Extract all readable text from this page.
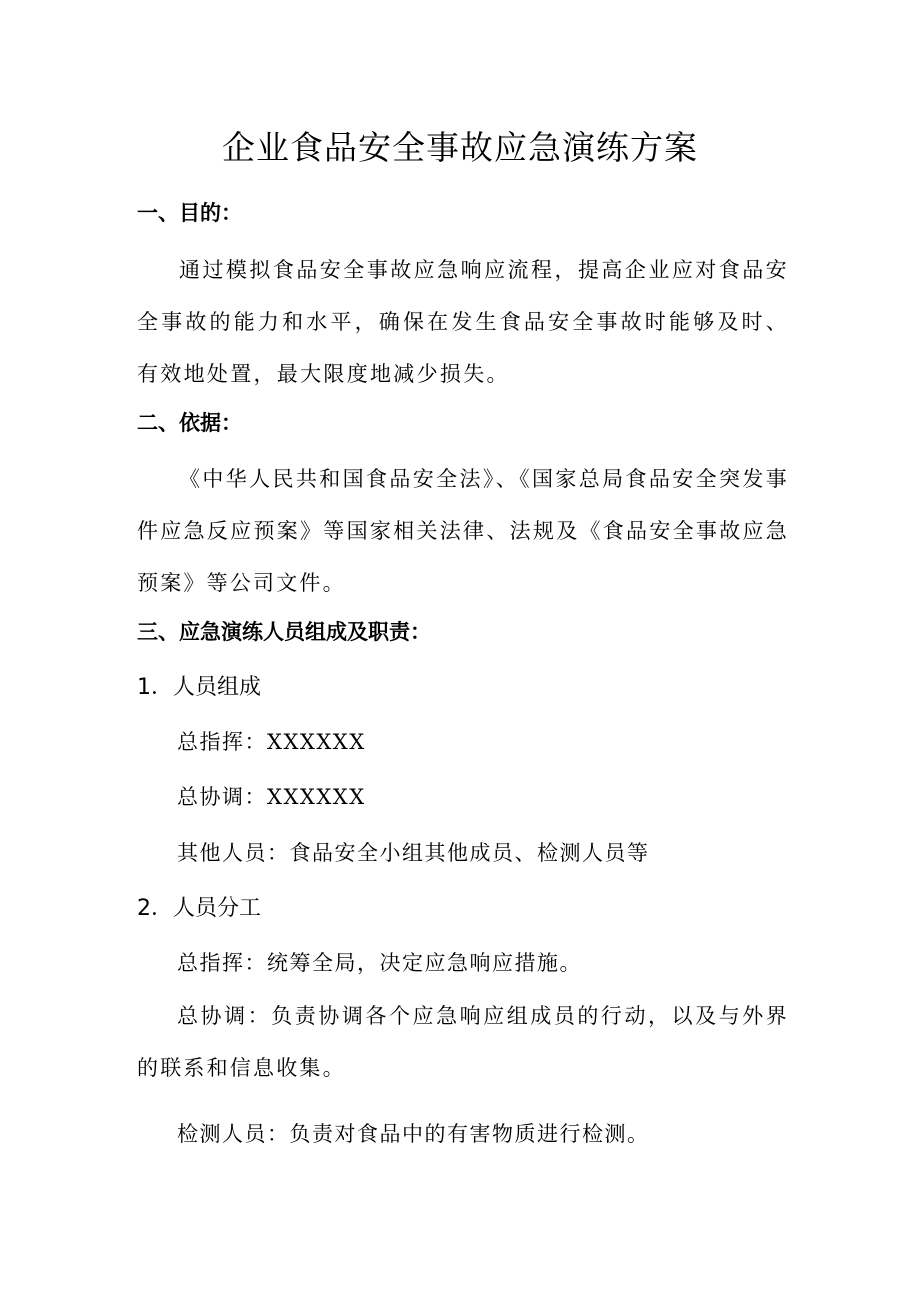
企业食品安全事故应急演练方案
一、目的：

通过模拟食品安全事故应急响应流程，提高企业应对食品安全事故的能力和水平，确保在发生食品安全事故时能够及时、有效地处置，最大限度地减少损失。

二、依据：

《中华人民共和国食品安全法》、《国家总局食品安全突发事件应急反应预案》等国家相关法律、法规及《食品安全事故应急预案》等公司文件。

三、应急演练人员组成及职责：
1．人员组成

总指挥：XXXXXX

总协调：XXXXXX

其他人员：食品安全小组其他成员、检测人员等

2．人员分工

总指挥：统筹全局，决定应急响应措施。

总协调：负责协调各个应急响应组成员的行动，以及与外界的联系和信息收集。

检测人员：负责对食品中的有害物质进行检测。
